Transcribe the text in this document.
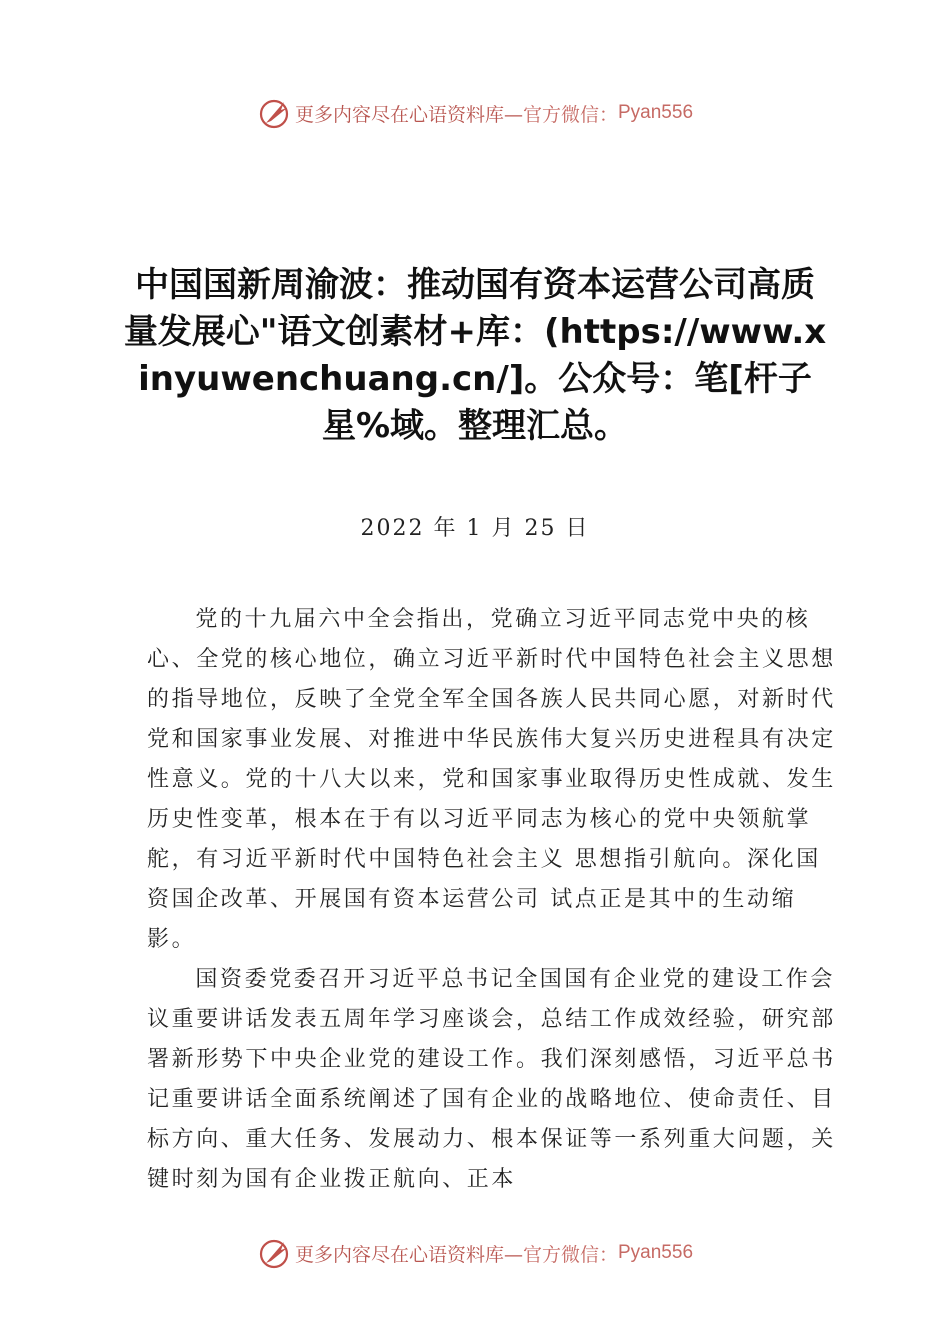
更多内容尽在心语资料库— 官方微信： Pyan556
中国国新周渝波：推动国有资本运营公司高质量发展心"语文创素材+库：(https://www.xinyuwenchuang.cn/]。公众号：笔[杆子星%域。整理汇总。
2022 年 1 月 25 日

党的十九届六中全会指出，党确立习近平同志党中央的核心、全党的核心地位，确立习近平新时代中国特色社会主义思想的指导地位，反映了全党全军全国各族人民共同心愿，对新时代党和国家事业发展、对推进中华民族伟大复兴历史进程具有决定性意义。党的十八大以来，党和国家事业取得历史性成就、发生历史性变革，根本在于有以习近平同志为核心的党中央领航掌舵，有习近平新时代中国特色社会主义 思想指引航向。深化国资国企改革、开展国有资本运营公司 试点正是其中的生动缩影。

国资委党委召开习近平总书记全国国有企业党的建设工作会议重要讲话发表五周年学习座谈会，总结工作成效经验，研究部署新形势下中央企业党的建设工作。我们深刻感悟，习近平总书记重要讲话全面系统阐述了国有企业的战略地位、使命责任、目标方向、重大任务、发展动力、根本保证等一系列重大问题，关键时刻为国有企业拨正航向、正本

更多内容尽在心语资料库— 官方微信： Pyan556
